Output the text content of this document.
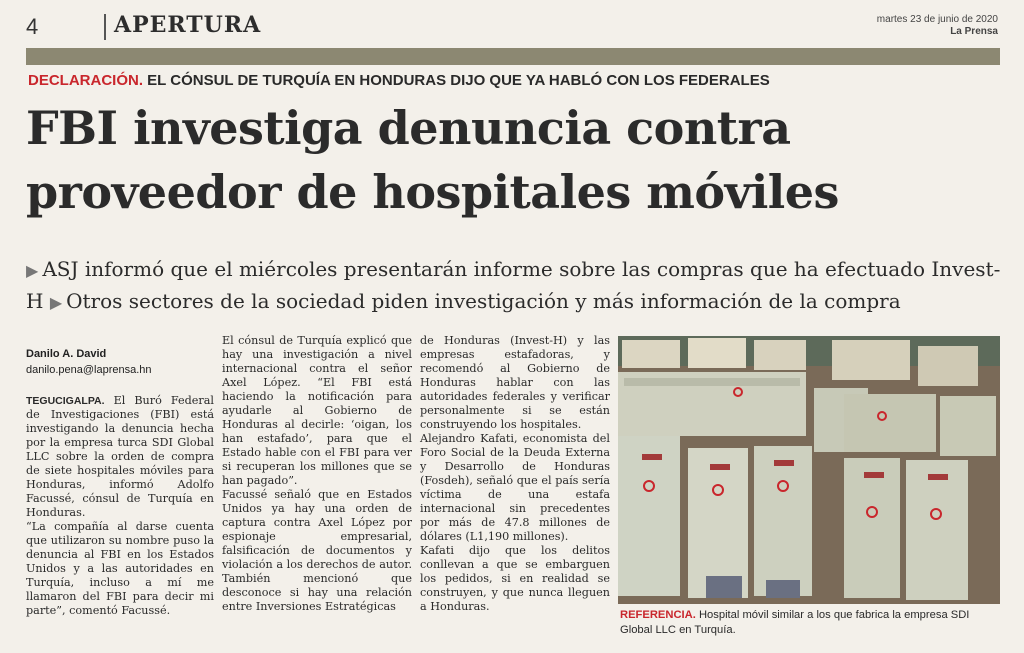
4	APERTURA	martes 23 de junio de 2020
La Prensa
DECLARACIÓN. EL CÓNSUL DE TURQUÍA EN HONDURAS DIJO QUE YA HABLÓ CON LOS FEDERALES
FBI investiga denuncia contra proveedor de hospitales móviles
▶ ASJ informó que el miércoles presentarán informe sobre las compras que ha efectuado Invest-H ▶ Otros sectores de la sociedad piden investigación y más información de la compra
Danilo A. David
danilo.pena@laprensa.hn

TEGUCIGALPA. El Buró Federal de Investigaciones (FBI) está investigando la denuncia hecha por la empresa turca SDI Global LLC sobre la orden de compra de siete hospitales móviles para Honduras, informó Adolfo Facussé, cónsul de Turquía en Honduras.

“La compañía al darse cuenta que utilizaron su nombre puso la denuncia al FBI en los Estados Unidos y a las autoridades en Turquía, incluso a mí me llamaron del FBI para decir mi parte”, comentó Facussé.

El cónsul de Turquía explicó que hay una investigación a nivel internacional contra el señor Axel López. “El FBI está haciendo la notificación para ayudarle al Gobierno de Honduras al decirle: ‘oigan, los han estafado’, para que el Estado hable con el FBI para ver si recuperan los millones que se han pagado”.

Facussé señaló que en Estados Unidos ya hay una orden de captura contra Axel López por espionaje empresarial, falsificación de documentos y violación a los derechos de autor. También mencionó que desconoce si hay una relación entre Inversiones Estratégicas

de Honduras (Invest-H) y las empresas estafadoras, y recomendó al Gobierno de Honduras hablar con las autoridades federales y verificar personalmente si se están construyendo los hospitales.

Alejandro Kafati, economista del Foro Social de la Deuda Externa y Desarrollo de Honduras (Fosdeh), señaló que el país sería víctima de una estafa internacional sin precedentes por más de 47.8 millones de dólares (L1,190 millones).

Kafati dijo que los delitos conllevan a que se embarguen los pedidos, si en realidad se construyen, y que nunca lleguen a Honduras.

REFERENCIA. Hospital móvil similar a los que fabrica la empresa SDI Global LLC en Turquía.
